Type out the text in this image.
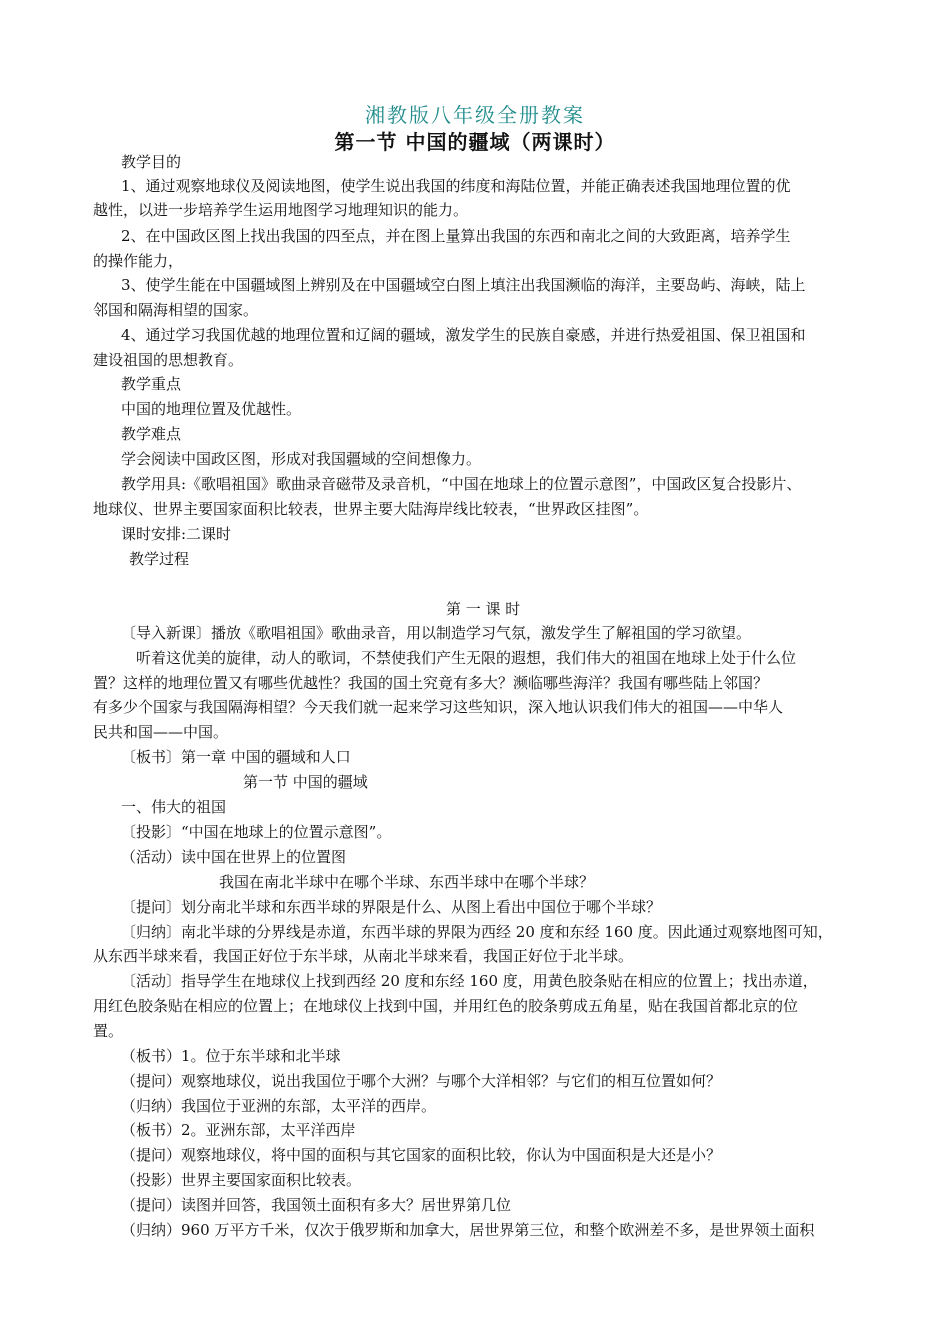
湘教版八年级全册教案
第一节 中国的疆域（两课时）
教学目的
1、通过观察地球仪及阅读地图，使学生说出我国的纬度和海陆位置，并能正确表述我国地理位置的优
越性，以进一步培养学生运用地图学习地理知识的能力。
2、在中国政区图上找出我国的四至点，并在图上量算出我国的东西和南北之间的大致距离，培养学生
的操作能力，
3、使学生能在中国疆域图上辨别及在中国疆域空白图上填注出我国濒临的海洋，主要岛屿、海峡，陆上
邻国和隔海相望的国家。
4、通过学习我国优越的地理位置和辽阔的疆域，激发学生的民族自豪感，并进行热爱祖国、保卫祖国和
建设祖国的思想教育。
教学重点
中国的地理位置及优越性。
教学难点
学会阅读中国政区图，形成对我国疆域的空间想像力。
教学用具:《歌唱祖国》歌曲录音磁带及录音机，“中国在地球上的位置示意图”，中国政区复合投影片、
地球仪、世界主要国家面积比较表，世界主要大陆海岸线比较表，“世界政区挂图”。
课时安排:二课时
教学过程
第 一 课 时
〔导入新课〕播放《歌唱祖国》歌曲录音，用以制造学习气氛，激发学生了解祖国的学习欲望。
听着这优美的旋律，动人的歌词，不禁使我们产生无限的遐想，我们伟大的祖国在地球上处于什么位
置？这样的地理位置又有哪些优越性？我国的国土究竟有多大？濒临哪些海洋？我国有哪些陆上邻国？
有多少个国家与我国隔海相望？今天我们就一起来学习这些知识，深入地认识我们伟大的祖国——中华人
民共和国——中国。
〔板书〕第一章 中国的疆域和人口
第一节 中国的疆域
一、伟大的祖国
〔投影〕“中国在地球上的位置示意图”。
（活动）读中国在世界上的位置图
我国在南北半球中在哪个半球、东西半球中在哪个半球？
〔提问〕划分南北半球和东西半球的界限是什么、从图上看出中国位于哪个半球？
〔归纳〕南北半球的分界线是赤道，东西半球的界限为西经 20 度和东经 160 度。因此通过观察地图可知，
从东西半球来看，我国正好位于东半球，从南北半球来看，我国正好位于北半球。
〔活动〕指导学生在地球仪上找到西经 20 度和东经 160 度，用黄色胶条贴在相应的位置上；找出赤道，
用红色胶条贴在相应的位置上；在地球仪上找到中国，并用红色的胶条剪成五角星，贴在我国首都北京的位
置。
（板书）1。位于东半球和北半球
（提问）观察地球仪，说出我国位于哪个大洲？与哪个大洋相邻？与它们的相互位置如何？
（归纳）我国位于亚洲的东部，太平洋的西岸。
（板书）2。亚洲东部，太平洋西岸
（提问）观察地球仪，将中国的面积与其它国家的面积比较，你认为中国面积是大还是小？
（投影）世界主要国家面积比较表。
（提问）读图并回答，我国领土面积有多大？居世界第几位
（归纳）960 万平方千米，仅次于俄罗斯和加拿大，居世界第三位，和整个欧洲差不多，是世界领土面积
